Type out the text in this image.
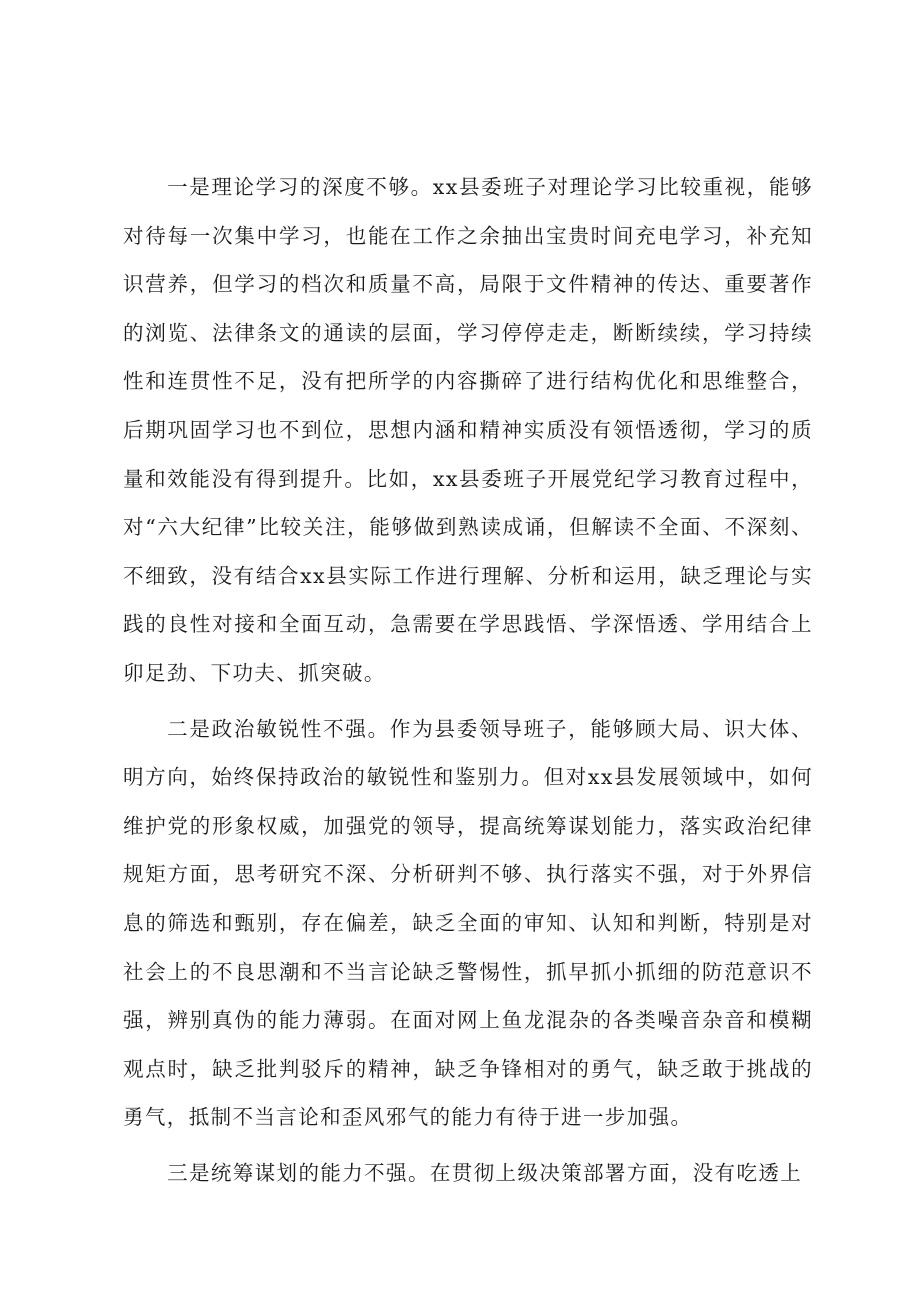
一是理论学习的深度不够。xx县委班子对理论学习比较重视，能够对待每一次集中学习，也能在工作之余抽出宝贵时间充电学习，补充知识营养，但学习的档次和质量不高，局限于文件精神的传达、重要著作的浏览、法律条文的通读的层面，学习停停走走，断断续续，学习持续性和连贯性不足，没有把所学的内容撕碎了进行结构优化和思维整合，后期巩固学习也不到位，思想内涵和精神实质没有领悟透彻，学习的质量和效能没有得到提升。比如，xx县委班子开展党纪学习教育过程中，对“六大纪律”比较关注，能够做到熟读成诵，但解读不全面、不深刻、不细致，没有结合xx县实际工作进行理解、分析和运用，缺乏理论与实践的良性对接和全面互动，急需要在学思践悟、学深悟透、学用结合上卯足劲、下功夫、抓突破。

二是政治敏锐性不强。作为县委领导班子，能够顾大局、识大体、明方向，始终保持政治的敏锐性和鉴别力。但对xx县发展领域中，如何维护党的形象权威，加强党的领导，提高统筹谋划能力，落实政治纪律规矩方面，思考研究不深、分析研判不够、执行落实不强，对于外界信息的筛选和甄别，存在偏差，缺乏全面的审知、认知和判断，特别是对社会上的不良思潮和不当言论缺乏警惕性，抓早抓小抓细的防范意识不强，辨别真伪的能力薄弱。在面对网上鱼龙混杂的各类噪音杂音和模糊观点时，缺乏批判驳斥的精神，缺乏争锋相对的勇气，缺乏敢于挑战的勇气，抵制不当言论和歪风邪气的能力有待于进一步加强。

三是统筹谋划的能力不强。在贯彻上级决策部署方面，没有吃透上
